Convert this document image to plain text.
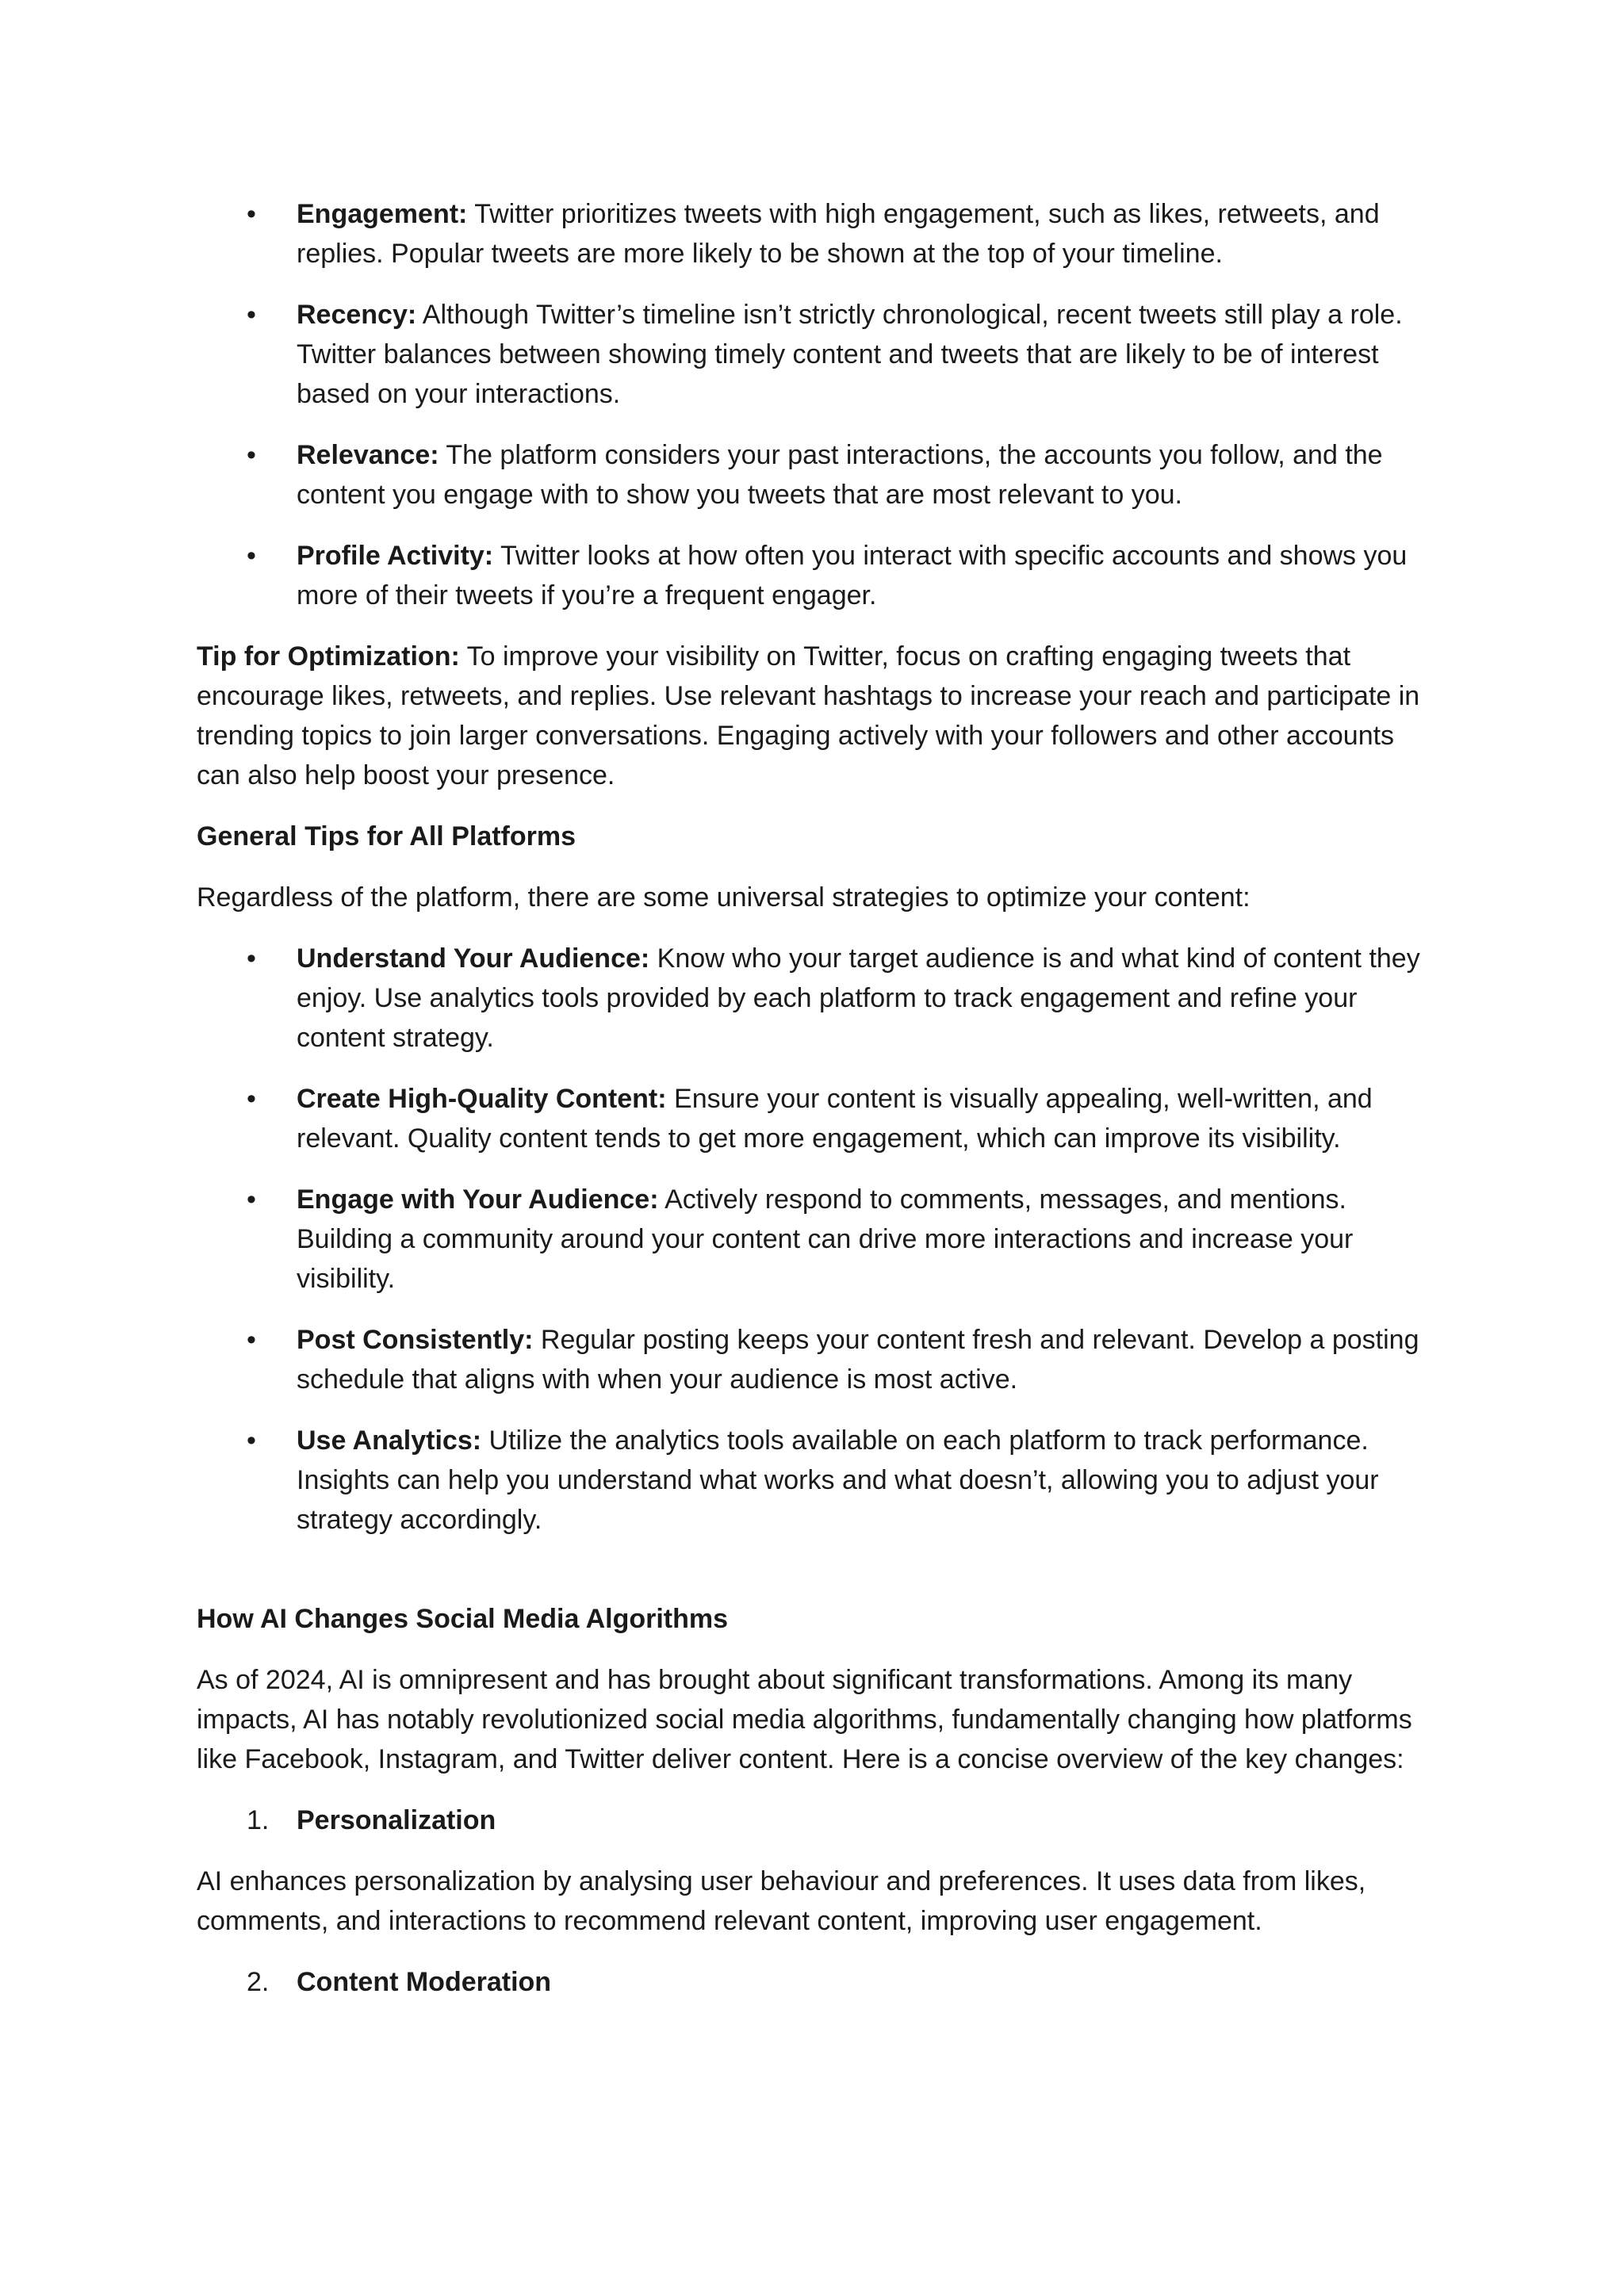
• Engagement: Twitter prioritizes tweets with high engagement, such as likes, retweets, and replies. Popular tweets are more likely to be shown at the top of your timeline.
• Recency: Although Twitter’s timeline isn’t strictly chronological, recent tweets still play a role. Twitter balances between showing timely content and tweets that are likely to be of interest based on your interactions.
• Relevance: The platform considers your past interactions, the accounts you follow, and the content you engage with to show you tweets that are most relevant to you.
• Profile Activity: Twitter looks at how often you interact with specific accounts and shows you more of their tweets if you’re a frequent engager.

Tip for Optimization: To improve your visibility on Twitter, focus on crafting engaging tweets that encourage likes, retweets, and replies. Use relevant hashtags to increase your reach and participate in trending topics to join larger conversations. Engaging actively with your followers and other accounts can also help boost your presence.

General Tips for All Platforms

Regardless of the platform, there are some universal strategies to optimize your content:

• Understand Your Audience: Know who your target audience is and what kind of content they enjoy. Use analytics tools provided by each platform to track engagement and refine your content strategy.
• Create High-Quality Content: Ensure your content is visually appealing, well-written, and relevant. Quality content tends to get more engagement, which can improve its visibility.
• Engage with Your Audience: Actively respond to comments, messages, and mentions. Building a community around your content can drive more interactions and increase your visibility.
• Post Consistently: Regular posting keeps your content fresh and relevant. Develop a posting schedule that aligns with when your audience is most active.
• Use Analytics: Utilize the analytics tools available on each platform to track performance. Insights can help you understand what works and what doesn’t, allowing you to adjust your strategy accordingly.
How AI Changes Social Media Algorithms

As of 2024, AI is omnipresent and has brought about significant transformations. Among its many impacts, AI has notably revolutionized social media algorithms, fundamentally changing how platforms like Facebook, Instagram, and Twitter deliver content. Here is a concise overview of the key changes:

1. Personalization

AI enhances personalization by analysing user behaviour and preferences. It uses data from likes, comments, and interactions to recommend relevant content, improving user engagement.

2. Content Moderation
